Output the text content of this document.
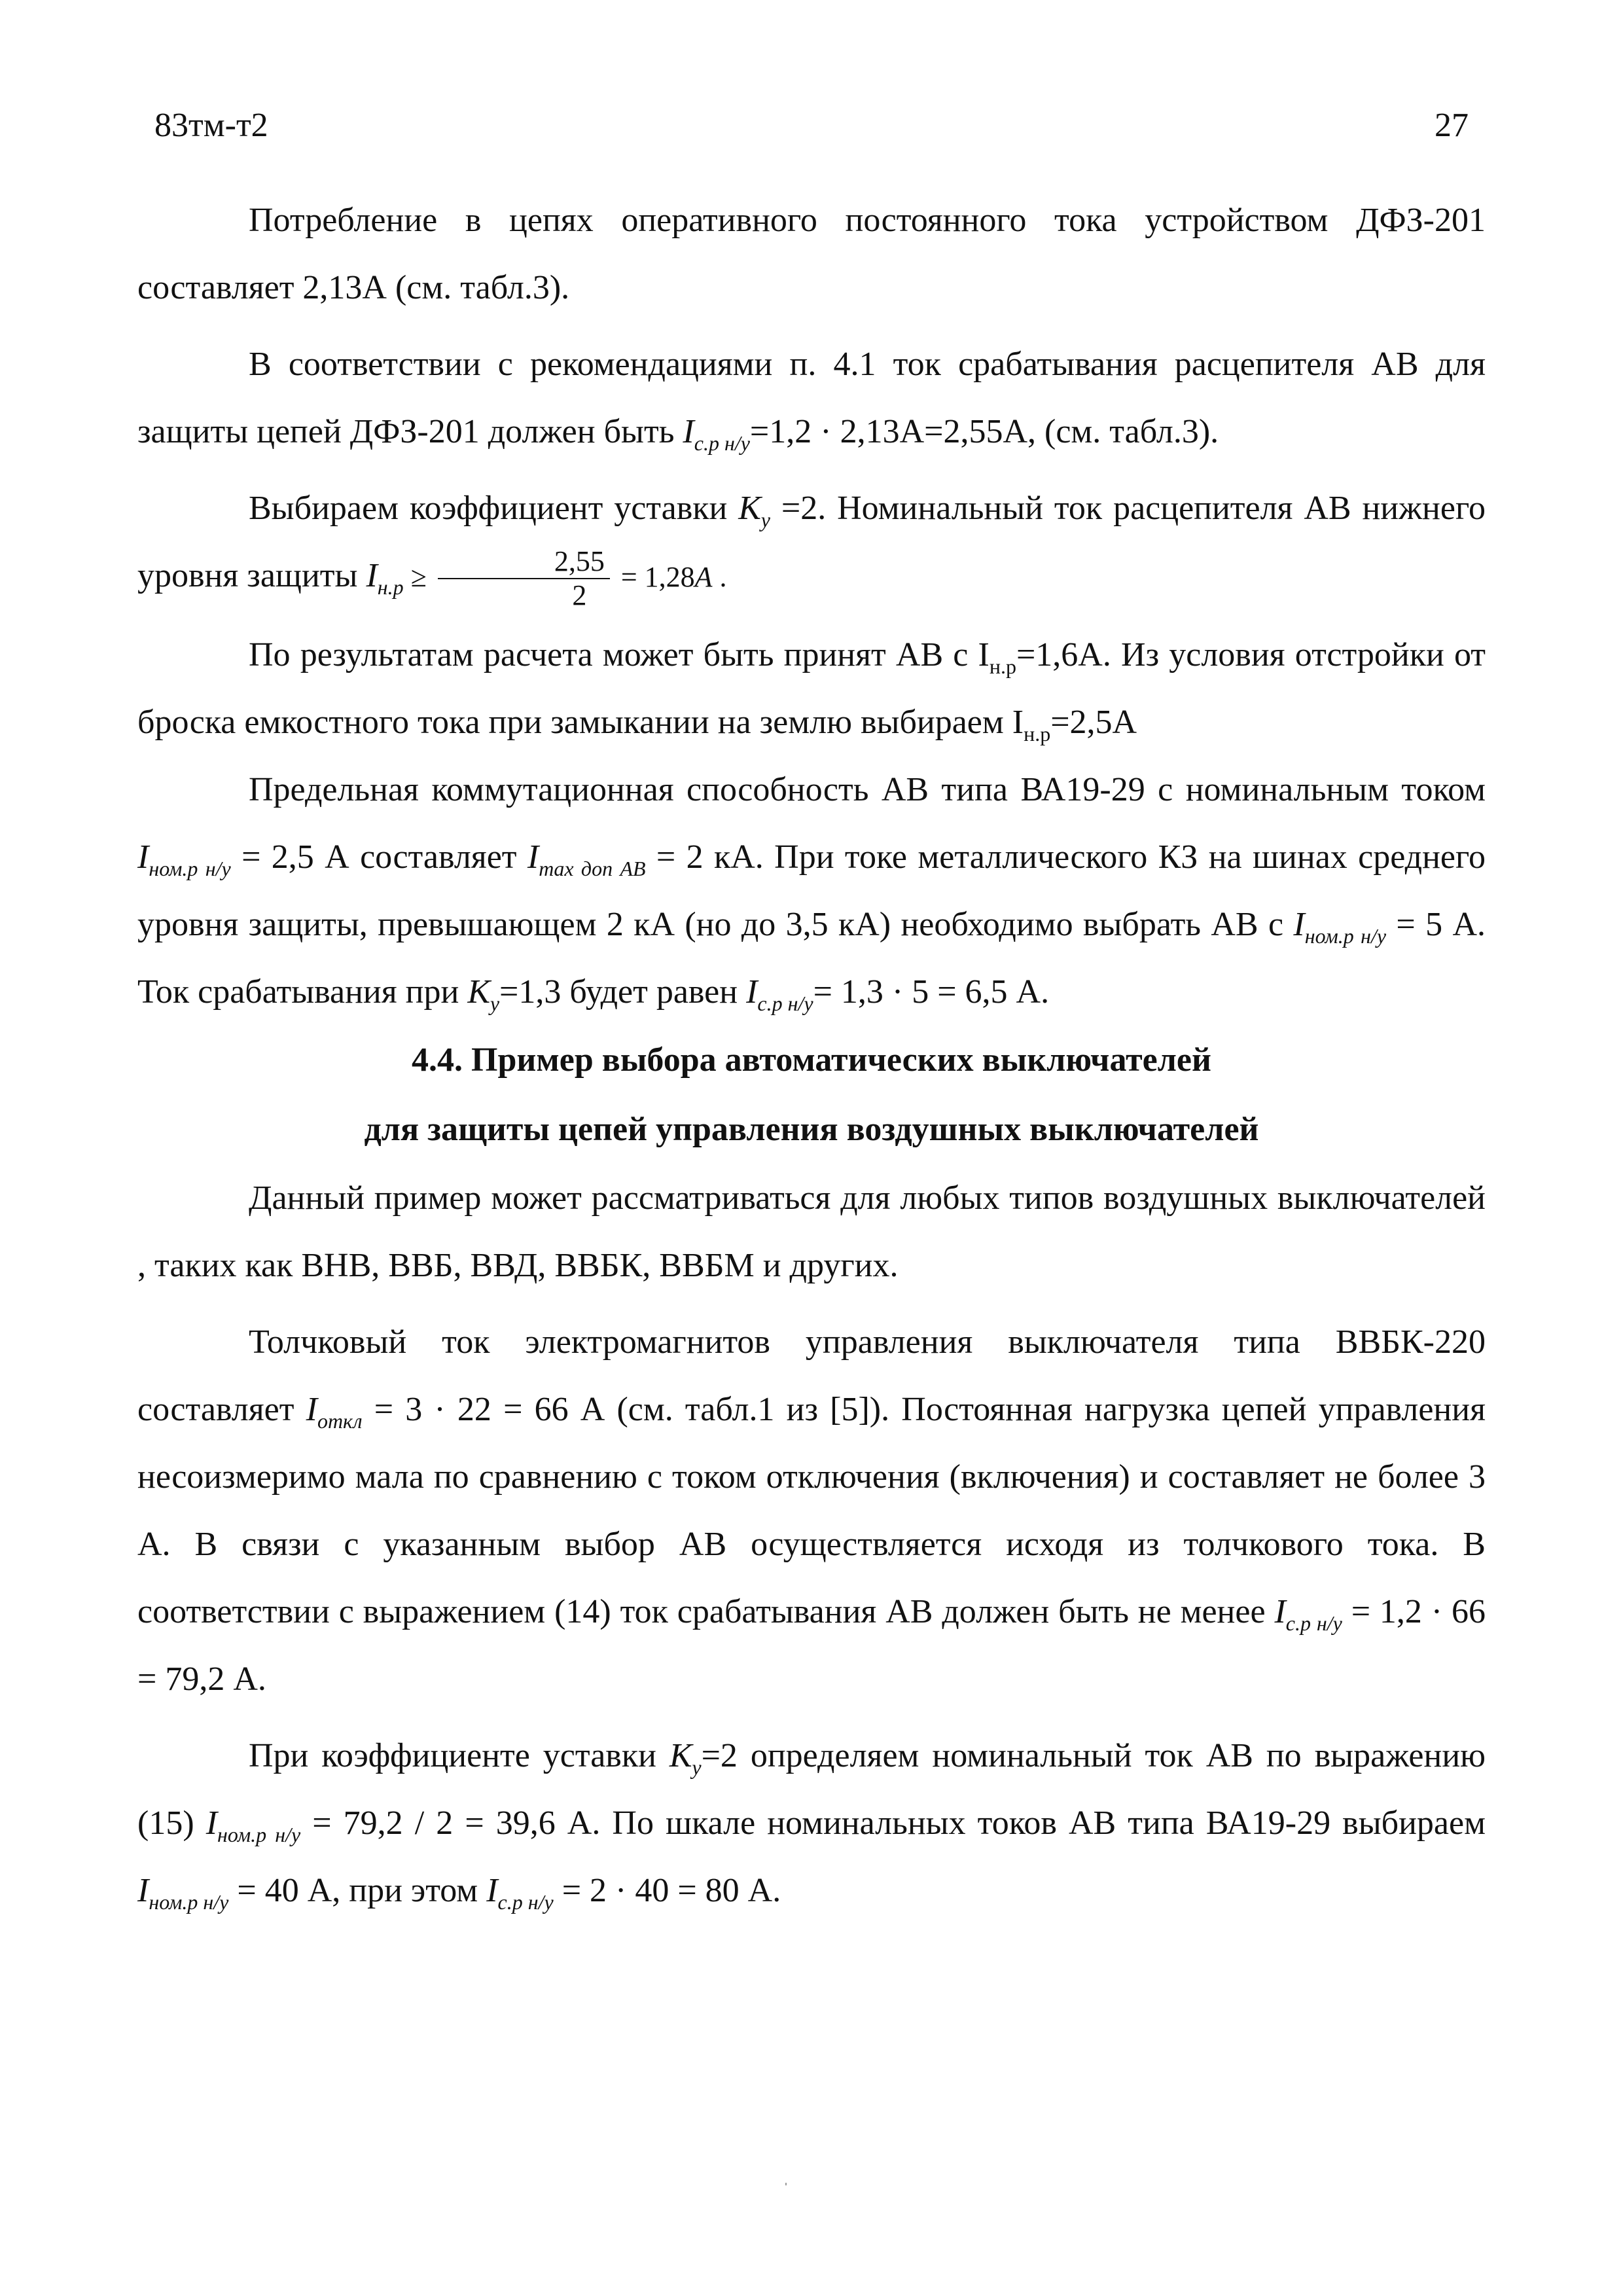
83тм-т2	27

Потребление в цепях оперативного постоянного тока устройством ДФЗ-201 составляет 2,13А (см. табл.3).

В соответствии с рекомендациями п. 4.1 ток срабатывания расцепителя АВ для защиты цепей ДФЗ-201 должен быть $I_{с.р н/у}=1,2 \cdot 2,13А=2,55А$, (см. табл.3).

Выбираем коэффициент уставки $К_у =2$. Номинальный ток расцепителя АВ нижнего уровня защиты $I_{н.р} \ge \frac{2,55}{2} = 1,28А$ .

По результатам расчета может быть принят АВ с $I_{н.р}=1,6А$. Из условия отстройки от броска емкостного тока при замыкании на землю выбираем $I_{н.р}=2,5А$

Предельная коммутационная способность АВ типа ВА19-29 с номинальным током $I_{ном.р н/у} = 2,5$ А составляет $I_{max доп АВ} = 2$ кА. При токе металлического КЗ на шинах среднего уровня защиты, превышающем 2 кА (но до 3,5 кА) необходимо выбрать АВ с $I_{ном.р н/у} = 5$ А. Ток срабатывания при $К_у=1,3$ будет равен $I_{с.р н/у}= 1,3 \cdot 5 = 6,5$ А.

4.4. Пример выбора автоматических выключателей
для защиты цепей управления воздушных выключателей

Данный пример может рассматриваться для любых типов воздушных выключателей , таких как ВНВ, ВВБ, ВВД, ВВБК, ВВБМ и других.

Толчковый ток электромагнитов управления выключателя типа ВВБК-220 составляет $I_{откл} = 3 \cdot 22 = 66$ А (см. табл.1 из [5]). Постоянная нагрузка цепей управления несоизмеримо мала по сравнению с током отключения (включения) и составляет не более 3 А. В связи с указанным выбор АВ осуществляется исходя из толчкового тока. В соответствии с выражением (14) ток срабатывания АВ должен быть не менее $I_{с.р н/у} = 1,2 \cdot 66 = 79,2$ А.

При коэффициенте уставки $К_у=2$ определяем номинальный ток АВ по выражению (15) $I_{ном.р н/у} = 79,2 / 2 = 39,6$ А. По шкале номинальных токов АВ типа ВА19-29 выбираем $I_{ном.р н/у} = 40$ А, при этом $I_{с.р н/у} = 2 \cdot 40 = 80$ А.
